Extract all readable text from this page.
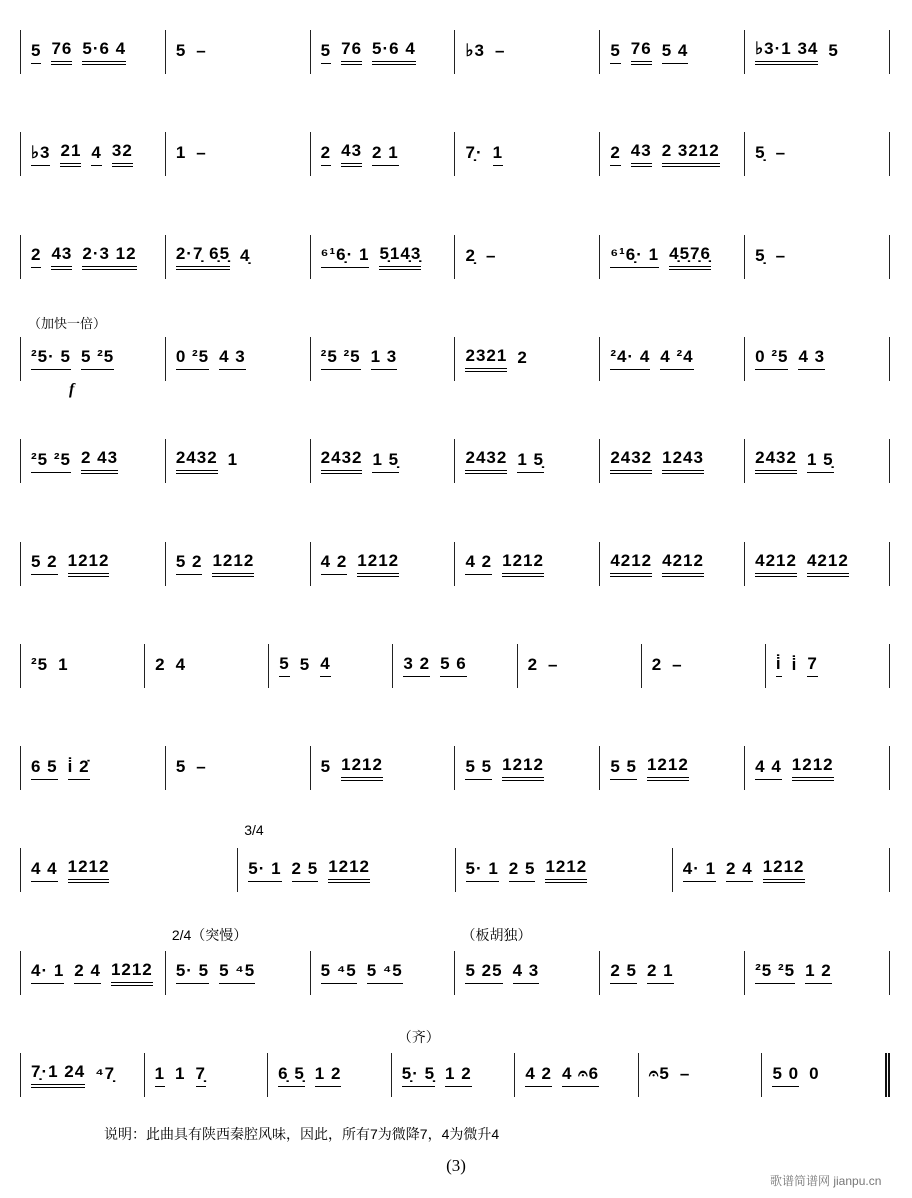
5 76 5·6 4	5 –	5 76 5·6 4	♭3 –	5 76 5 4	♭3·1 34 5
♭3 21 4 32	1 –	2 43 2 1	7̣· 1	2 43 2 3212 5̣ –
2 43 2·3 12 2·7̣ 6̣5̣ 4̣	⁶¹6̣· 1 5̣14̣3̣	2̣ –	⁶¹6̣· 1 4̣5̣7̣6̣	5̣ –
²5· 5 5 ²5
f
0 ²5 4 3	²5 ²5 1 3	2321 2	²4· 4 4 ²4	0 ²5 4 3
²5 ²5 2 43	2432 1	2432 1 5̣	2432 1 5̣	2432 1243	2432 1 5̣
5 2 1212	5 2 1212	4 2 1212	4 2 1212	4212 4212	4212 4212
²5 1	2 4	5 5 4	3 2 5 6	2 –	2 –	i̇ i̇ 7
6 5 i̇ 2̇	5 –	5 1212	5 5 1212	5 5 1212	4 4 1212
4 4 1212
3/4
5· 1 2 5 1212	5· 1 2 5 1212	4· 1 2 4 1212
4· 1 2 4 1212
2/4（突慢）
5· 5 5 ⁴5	5 ⁴5 5 ⁴5
（板胡独）
5 25 4 3	2 5 2 1	²5 ²5 1 2
7̣·1 24 ⁴7̣ 1 1 7̣	6̣ 5̣ 1 2
（齐）
5̣· 5̣ 1 2	4 2 4 𝄐6	𝄐5 –	5 0 0
说明：此曲具有陕西秦腔风味，因此，所有7为微降7，4为微升4
(3)
歌谱简谱网 jianpu.cn
（加快一倍）
